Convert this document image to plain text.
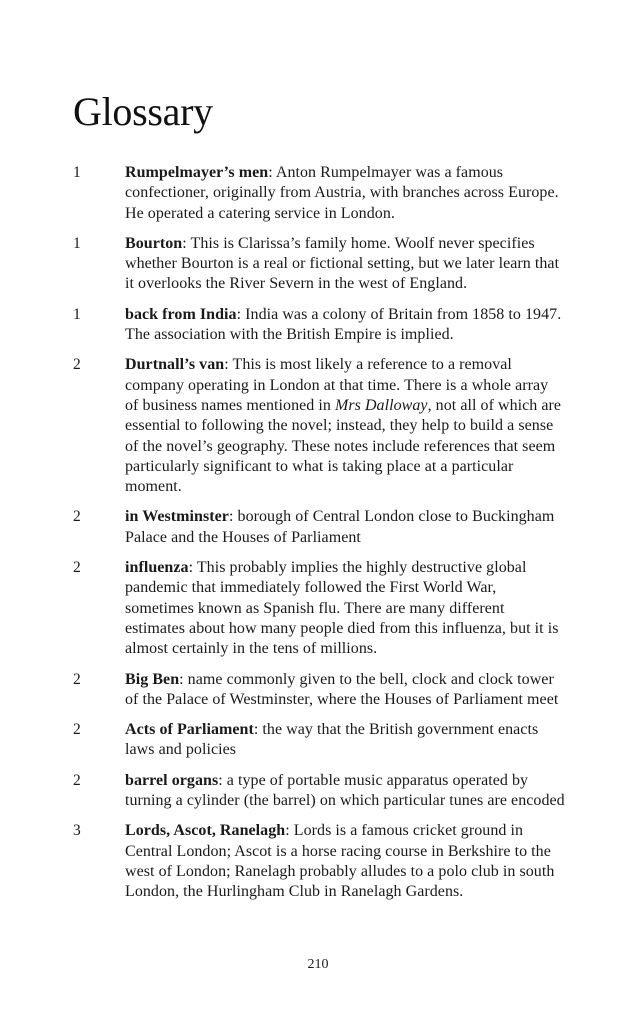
Glossary
1	Rumpelmayer’s men: Anton Rumpelmayer was a famous confectioner, originally from Austria, with branches across Europe. He operated a catering service in London.
1	Bourton: This is Clarissa’s family home. Woolf never specifies whether Bourton is a real or fictional setting, but we later learn that it overlooks the River Severn in the west of England.
1	back from India: India was a colony of Britain from 1858 to 1947. The association with the British Empire is implied.
2	Durtnall’s van: This is most likely a reference to a removal company operating in London at that time. There is a whole array of business names mentioned in Mrs Dalloway, not all of which are essential to following the novel; instead, they help to build a sense of the novel’s geography. These notes include references that seem particularly significant to what is taking place at a particular moment.
2	in Westminster: borough of Central London close to Buckingham Palace and the Houses of Parliament
2	influenza: This probably implies the highly destructive global pandemic that immediately followed the First World War, sometimes known as Spanish flu. There are many different estimates about how many people died from this influenza, but it is almost certainly in the tens of millions.
2	Big Ben: name commonly given to the bell, clock and clock tower of the Palace of Westminster, where the Houses of Parliament meet
2	Acts of Parliament: the way that the British government enacts laws and policies
2	barrel organs: a type of portable music apparatus operated by turning a cylinder (the barrel) on which particular tunes are encoded
3	Lords, Ascot, Ranelagh: Lords is a famous cricket ground in Central London; Ascot is a horse racing course in Berkshire to the west of London; Ranelagh probably alludes to a polo club in south London, the Hurlingham Club in Ranelagh Gardens.
210
